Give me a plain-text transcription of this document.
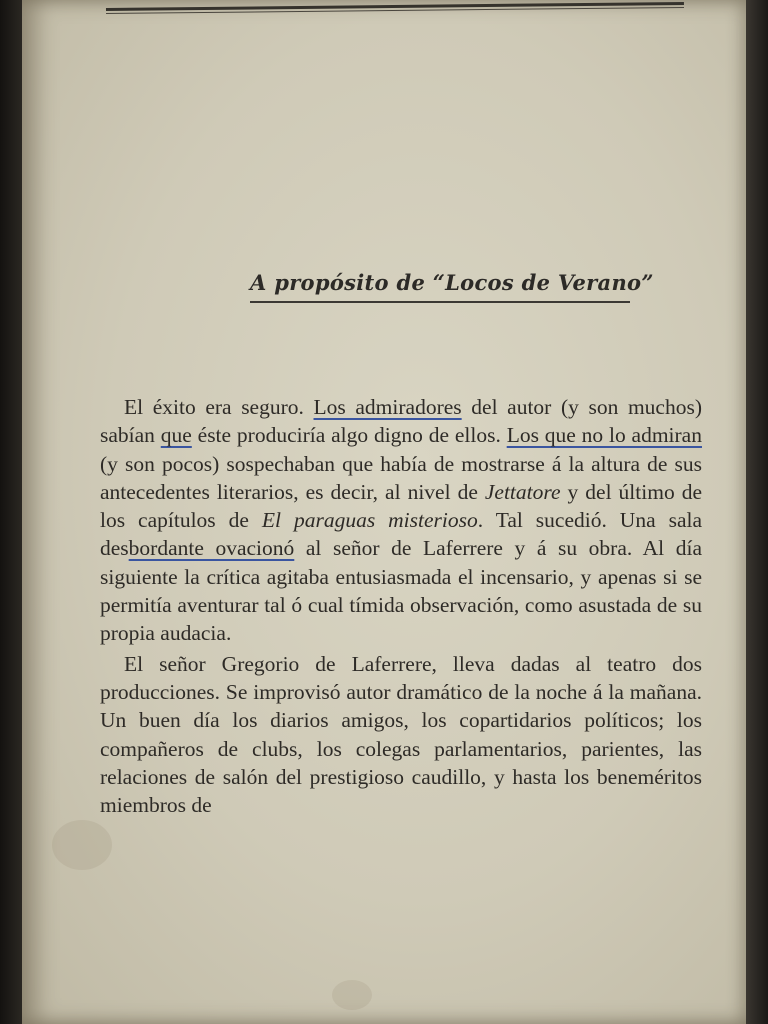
A propósito de “Locos de Verano”

El éxito era seguro. Los admiradores del autor (y son muchos) sabían que éste produciría algo digno de ellos. Los que no lo admiran (y son pocos) sospechaban que había de mostrarse á la altura de sus antecedentes literarios, es decir, al nivel de Jettatore y del último de los capítulos de El paraguas misterioso. Tal sucedió. Una sala desbordante ovacionó al señor de Laferrere y á su obra. Al día siguiente la crítica agitaba entusiasmada el incensario, y apenas si se permitía aventurar tal ó cual tímida observación, como asustada de su propia audacia.

El señor Gregorio de Laferrere, lleva dadas al teatro dos producciones. Se improvisó autor dramático de la noche á la mañana. Un buen día los diarios amigos, los copartidarios políticos; los compañeros de clubs, los colegas parlamentarios, parientes, las relaciones de salón del prestigioso caudillo, y hasta los beneméritos miembros de
